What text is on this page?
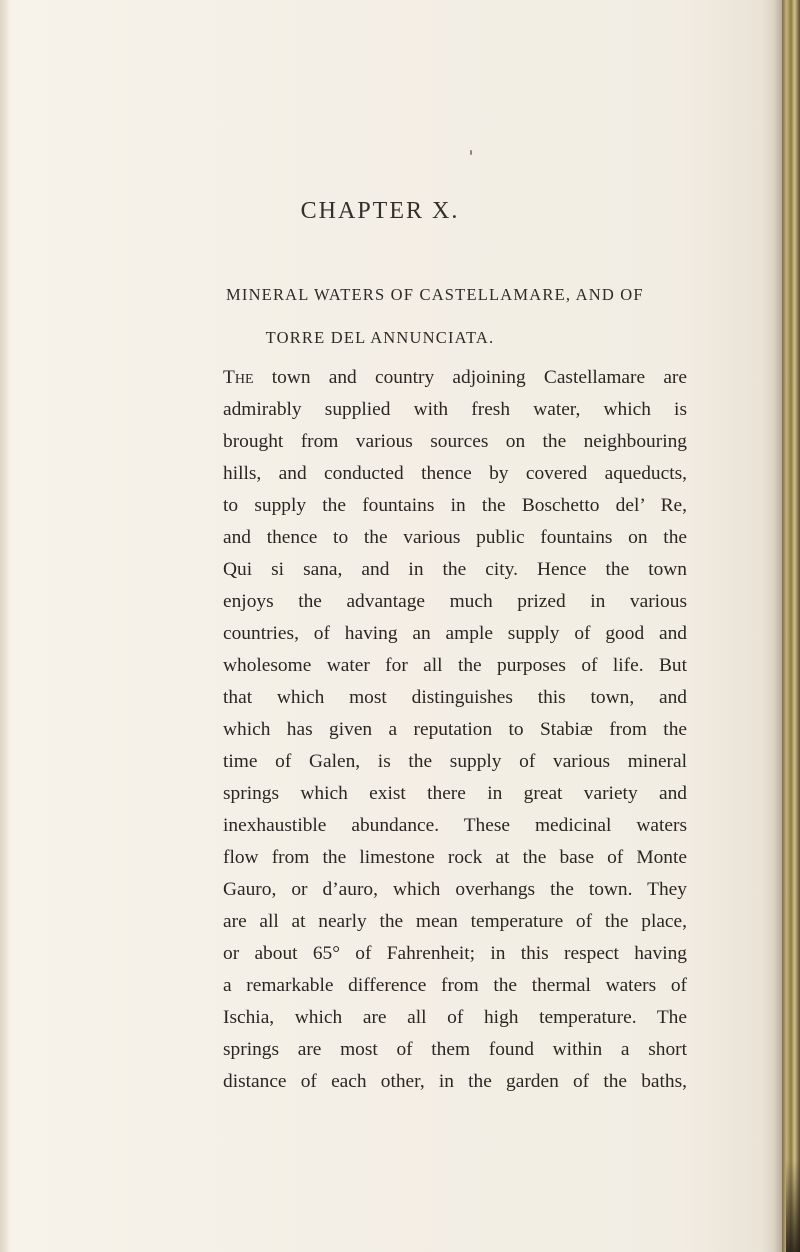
CHAPTER X.
MINERAL WATERS OF CASTELLAMARE, AND OF
TORRE DEL ANNUNCIATA.
The town and country adjoining Castellamare are
admirably supplied with fresh water, which is
brought from various sources on the neighbouring
hills, and conducted thence by covered aqueducts,
to supply the fountains in the Boschetto del’ Re,
and thence to the various public fountains on the
Qui si sana, and in the city. Hence the town
enjoys the advantage much prized in various
countries, of having an ample supply of good and
wholesome water for all the purposes of life. But
that which most distinguishes this town, and
which has given a reputation to Stabiæ from the
time of Galen, is the supply of various mineral
springs which exist there in great variety and
inexhaustible abundance. These medicinal waters
flow from the limestone rock at the base of Monte
Gauro, or d’auro, which overhangs the town. They
are all at nearly the mean temperature of the place,
or about 65° of Fahrenheit; in this respect having
a remarkable difference from the thermal waters of
Ischia, which are all of high temperature. The
springs are most of them found within a short
distance of each other, in the garden of the baths,
